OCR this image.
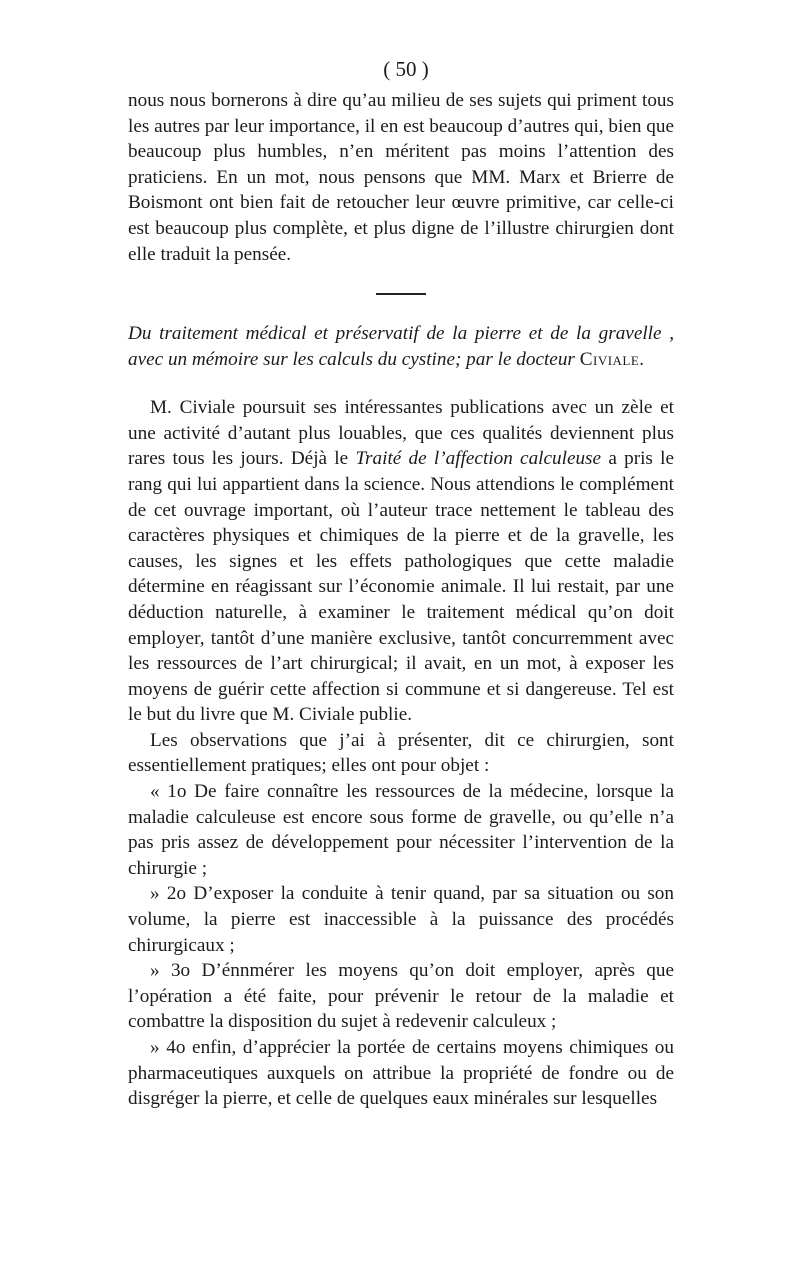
( 50 )

nous nous bornerons à dire qu’au milieu de ses sujets qui priment tous les autres par leur importance, il en est beaucoup d’autres qui, bien que beaucoup plus humbles, n’en méritent pas moins l’attention des praticiens. En un mot, nous pensons que MM. Marx et Brierre de Boismont ont bien fait de retoucher leur œuvre primitive, car celle-ci est beaucoup plus complète, et plus digne de l’illustre chirurgien dont elle traduit la pensée.

Du traitement médical et préservatif de la pierre et de la gravelle , avec un mémoire sur les calculs du cystine; par le docteur Civiale.

M. Civiale poursuit ses intéressantes publications avec un zèle et une activité d’autant plus louables, que ces qualités deviennent plus rares tous les jours. Déjà le Traité de l’affection calculeuse a pris le rang qui lui appartient dans la science. Nous attendions le complément de cet ouvrage important, où l’auteur trace nettement le tableau des caractères physiques et chimiques de la pierre et de la gravelle, les causes, les signes et les effets pathologiques que cette maladie détermine en réagissant sur l’économie animale. Il lui restait, par une déduction naturelle, à examiner le traitement médical qu’on doit employer, tantôt d’une manière exclusive, tantôt concurremment avec les ressources de l’art chirurgical; il avait, en un mot, à exposer les moyens de guérir cette affection si commune et si dangereuse. Tel est le but du livre que M. Civiale publie.

Les observations que j’ai à présenter, dit ce chirurgien, sont essentiellement pratiques; elles ont pour objet :

« 1o De faire connaître les ressources de la médecine, lorsque la maladie calculeuse est encore sous forme de gravelle, ou qu’elle n’a pas pris assez de développement pour nécessiter l’intervention de la chirurgie ;

» 2o D’exposer la conduite à tenir quand, par sa situation ou son volume, la pierre est inaccessible à la puissance des procédés chirurgicaux ;

» 3o D’énnmérer les moyens qu’on doit employer, après que l’opération a été faite, pour prévenir le retour de la maladie et combattre la disposition du sujet à redevenir calculeux ;

» 4o enfin, d’apprécier la portée de certains moyens chimiques ou pharmaceutiques auxquels on attribue la propriété de fondre ou de disgréger la pierre, et celle de quelques eaux minérales sur lesquelles
